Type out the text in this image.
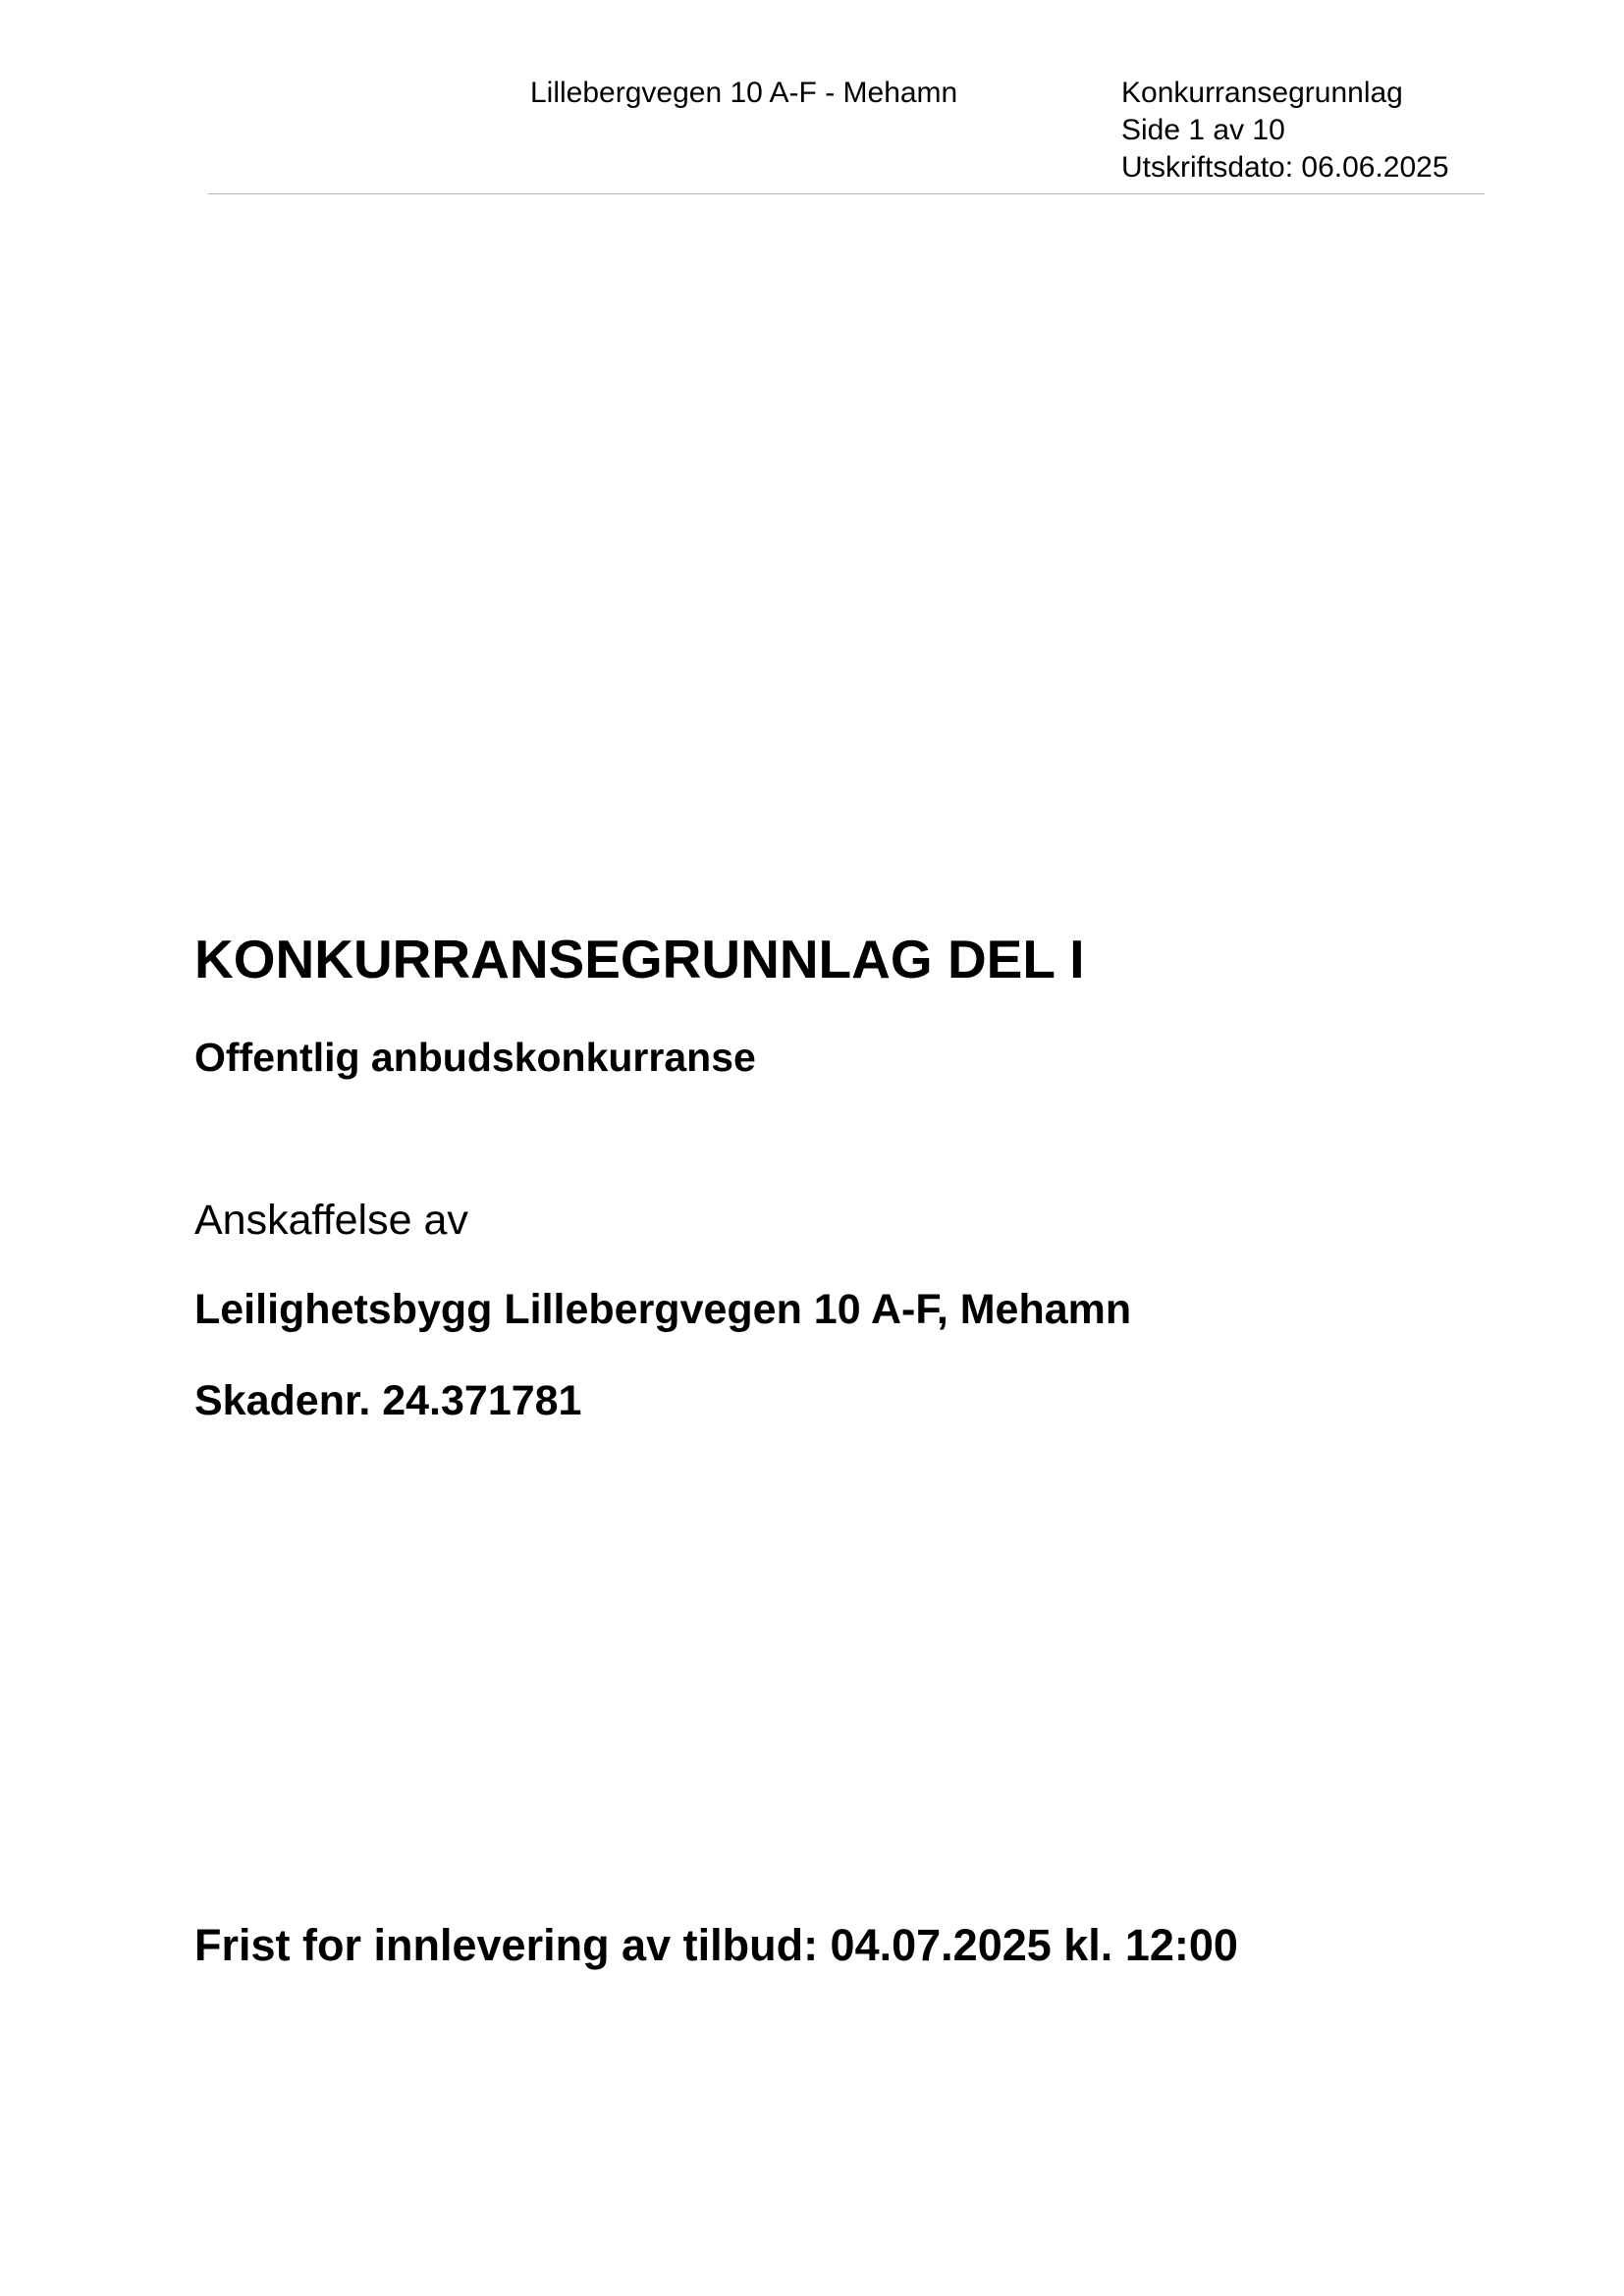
Lillebergvegen 10 A-F - Mehamn	Konkurransegrunnlag
Side 1 av 10
Utskriftsdato: 06.06.2025
KONKURRANSEGRUNNLAG DEL I
Offentlig anbudskonkurranse

Anskaffelse av

Leilighetsbygg Lillebergvegen 10 A-F, Mehamn

Skadenr. 24.371781

Frist for innlevering av tilbud: 04.07.2025 kl. 12:00
